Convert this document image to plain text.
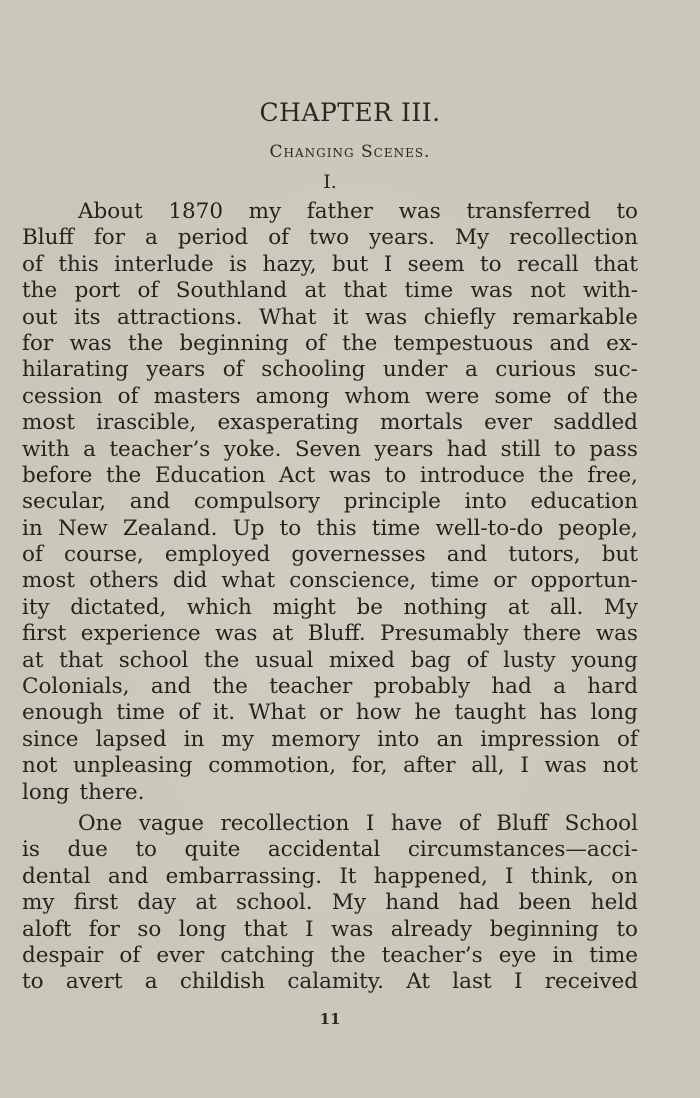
CHAPTER III.
Changing Scenes.
I.
About 1870 my father was transferred to
Bluff for a period of two years. My recollection
of this interlude is hazy, but I seem to recall that
the port of Southland at that time was not with-
out its attractions. What it was chiefly remarkable
for was the beginning of the tempestuous and ex-
hilarating years of schooling under a curious suc-
cession of masters among whom were some of the
most irascible, exasperating mortals ever saddled
with a teacher’s yoke. Seven years had still to pass
before the Education Act was to introduce the free,
secular, and compulsory principle into education
in New Zealand. Up to this time well-to-do people,
of course, employed governesses and tutors, but
most others did what conscience, time or opportun-
ity dictated, which might be nothing at all. My
first experience was at Bluff. Presumably there was
at that school the usual mixed bag of lusty young
Colonials, and the teacher probably had a hard
enough time of it. What or how he taught has long
since lapsed in my memory into an impression of
not unpleasing commotion, for, after all, I was not
long there.
One vague recollection I have of Bluff School
is due to quite accidental circumstances—acci-
dental and embarrassing. It happened, I think, on
my first day at school. My hand had been held
aloft for so long that I was already beginning to
despair of ever catching the teacher’s eye in time
to avert a childish calamity. At last I received
11
